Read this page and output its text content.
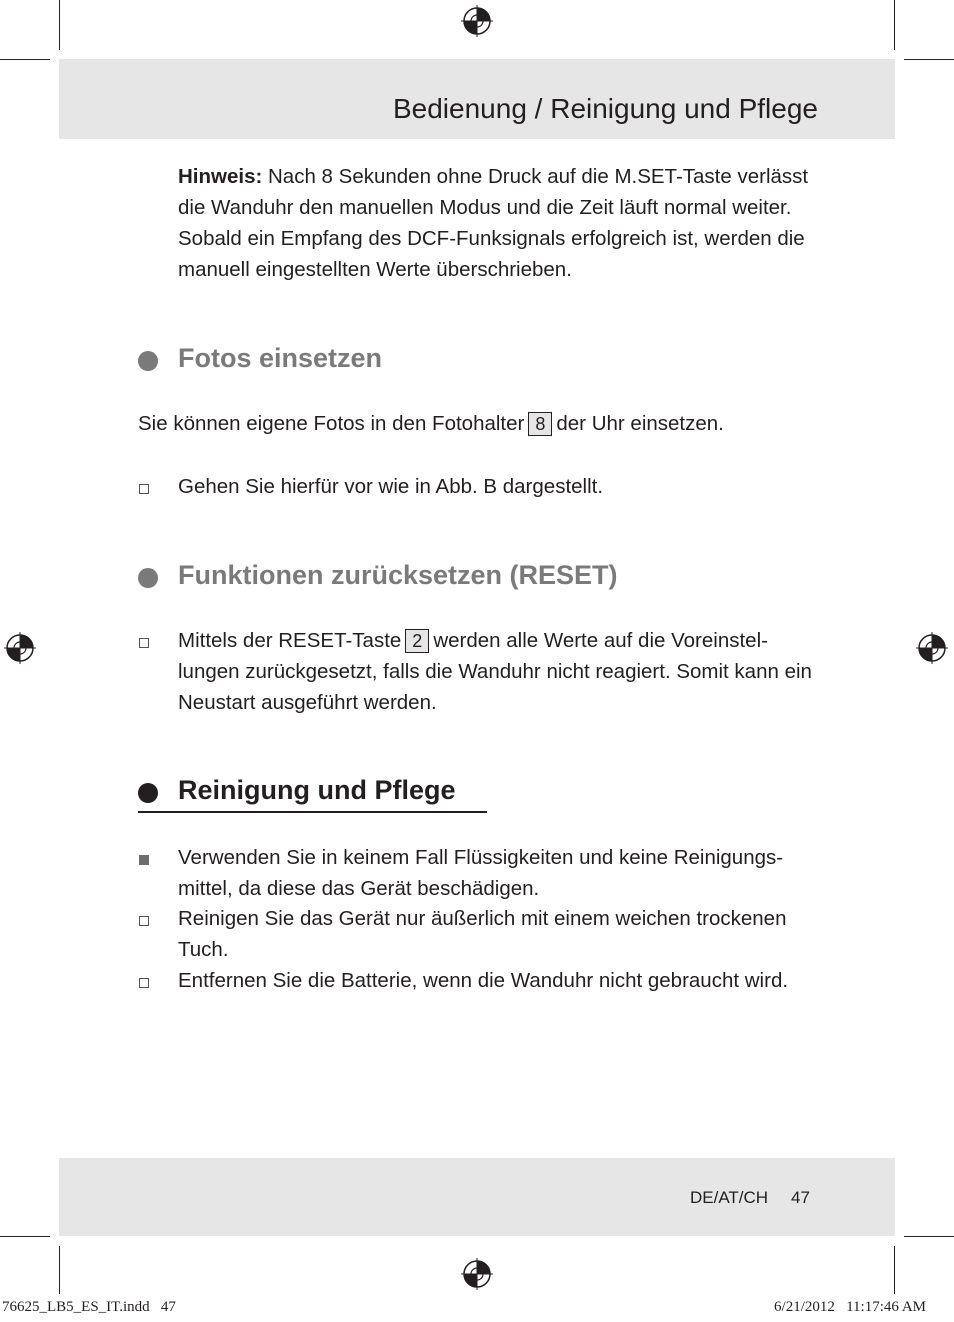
Bedienung / Reinigung und Pflege
Hinweis: Nach 8 Sekunden ohne Druck auf die M.SET-Taste verlässt die Wanduhr den manuellen Modus und die Zeit läuft normal weiter. Sobald ein Empfang des DCF-Funksignals erfolgreich ist, werden die manuell eingestellten Werte überschrieben.
Fotos einsetzen
Sie können eigene Fotos in den Fotohalter 8 der Uhr einsetzen.
Gehen Sie hierfür vor wie in Abb. B dargestellt.
Funktionen zurücksetzen (RESET)
Mittels der RESET-Taste 2 werden alle Werte auf die Voreinstel-lungen zurückgesetzt, falls die Wanduhr nicht reagiert. Somit kann ein Neustart ausgeführt werden.
Reinigung und Pflege
Verwenden Sie in keinem Fall Flüssigkeiten und keine Reinigungs-mittel, da diese das Gerät beschädigen.
Reinigen Sie das Gerät nur äußerlich mit einem weichen trockenen Tuch.
Entfernen Sie die Batterie, wenn die Wanduhr nicht gebraucht wird.
DE/AT/CH 47
76625_LB5_ES_IT.indd   47	6/21/2012   11:17:46 AM
